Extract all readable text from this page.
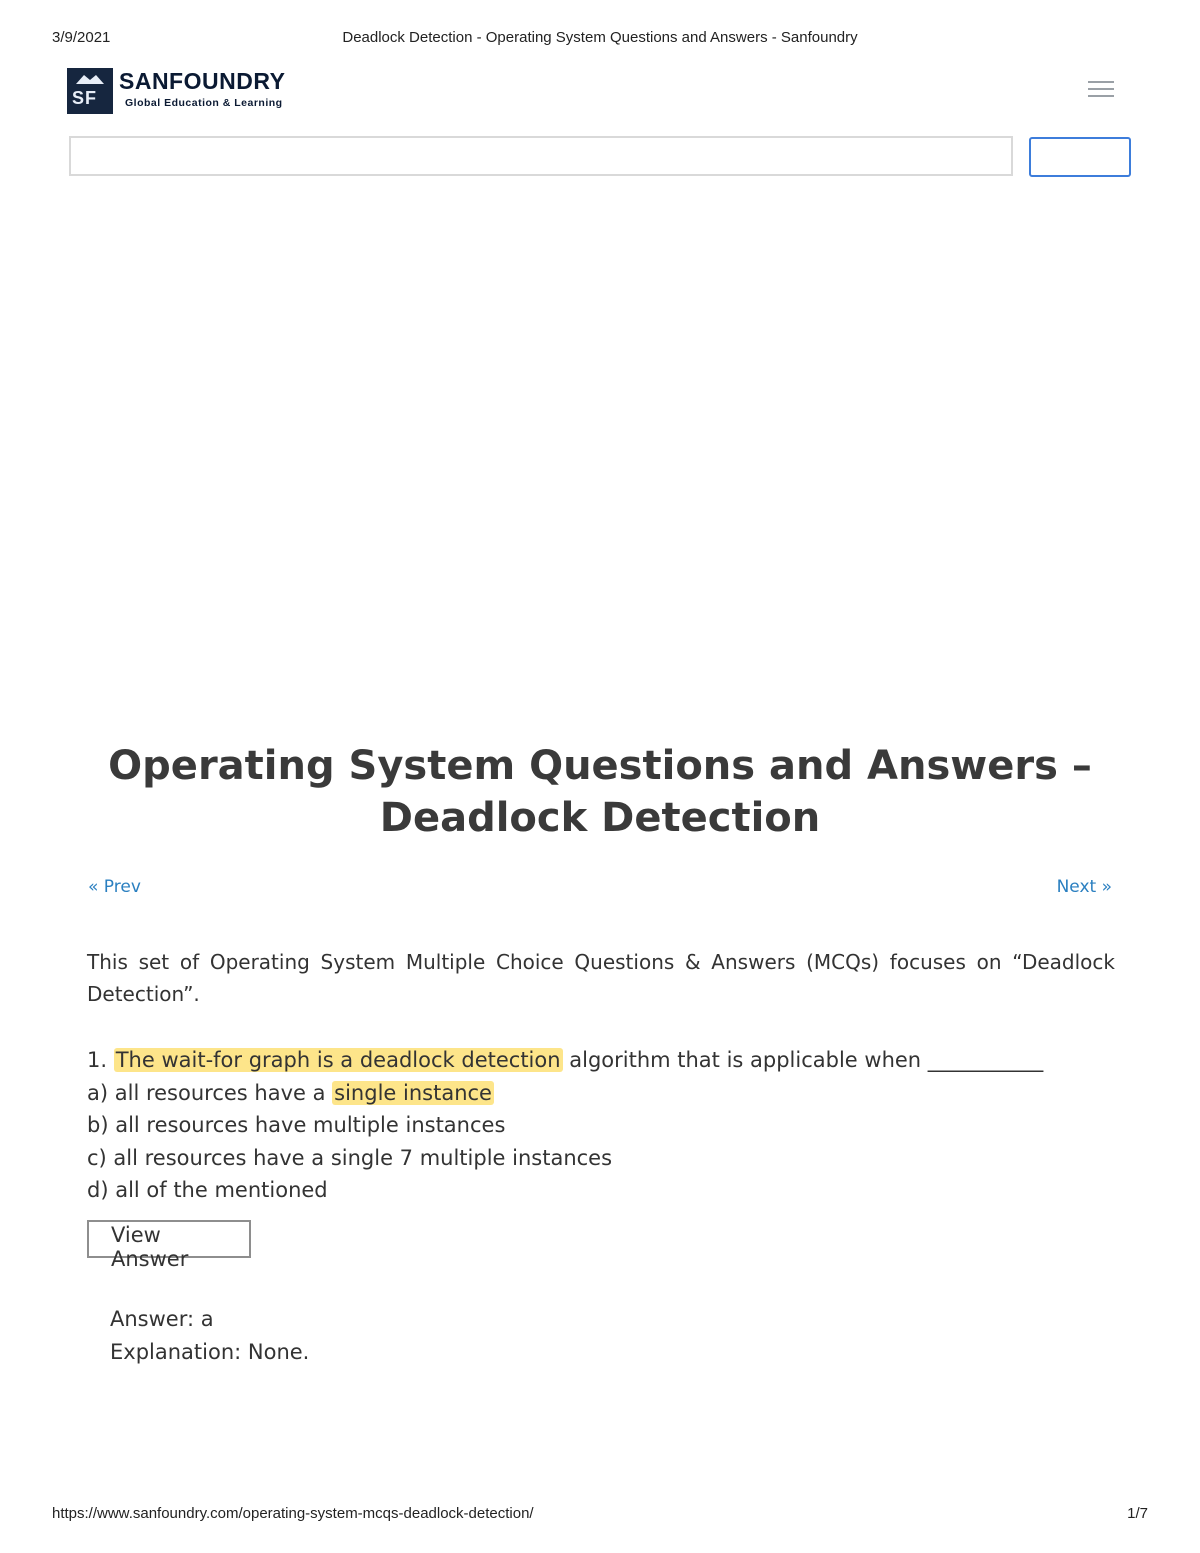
3/9/2021	Deadlock Detection - Operating System Questions and Answers - Sanfoundry
SF
SANFOUNDRY
Global Education & Learning
Operating System Questions and Answers – Deadlock Detection
« Prev	Next »

This set of Operating System Multiple Choice Questions & Answers (MCQs) focuses on “Deadlock Detection”.

1. The wait-for graph is a deadlock detection algorithm that is applicable when ___________
a) all resources have a single instance
b) all resources have multiple instances
c) all resources have a single 7 multiple instances
d) all of the mentioned
View Answer
Answer: a
Explanation: None.
https://www.sanfoundry.com/operating-system-mcqs-deadlock-detection/	1/7
